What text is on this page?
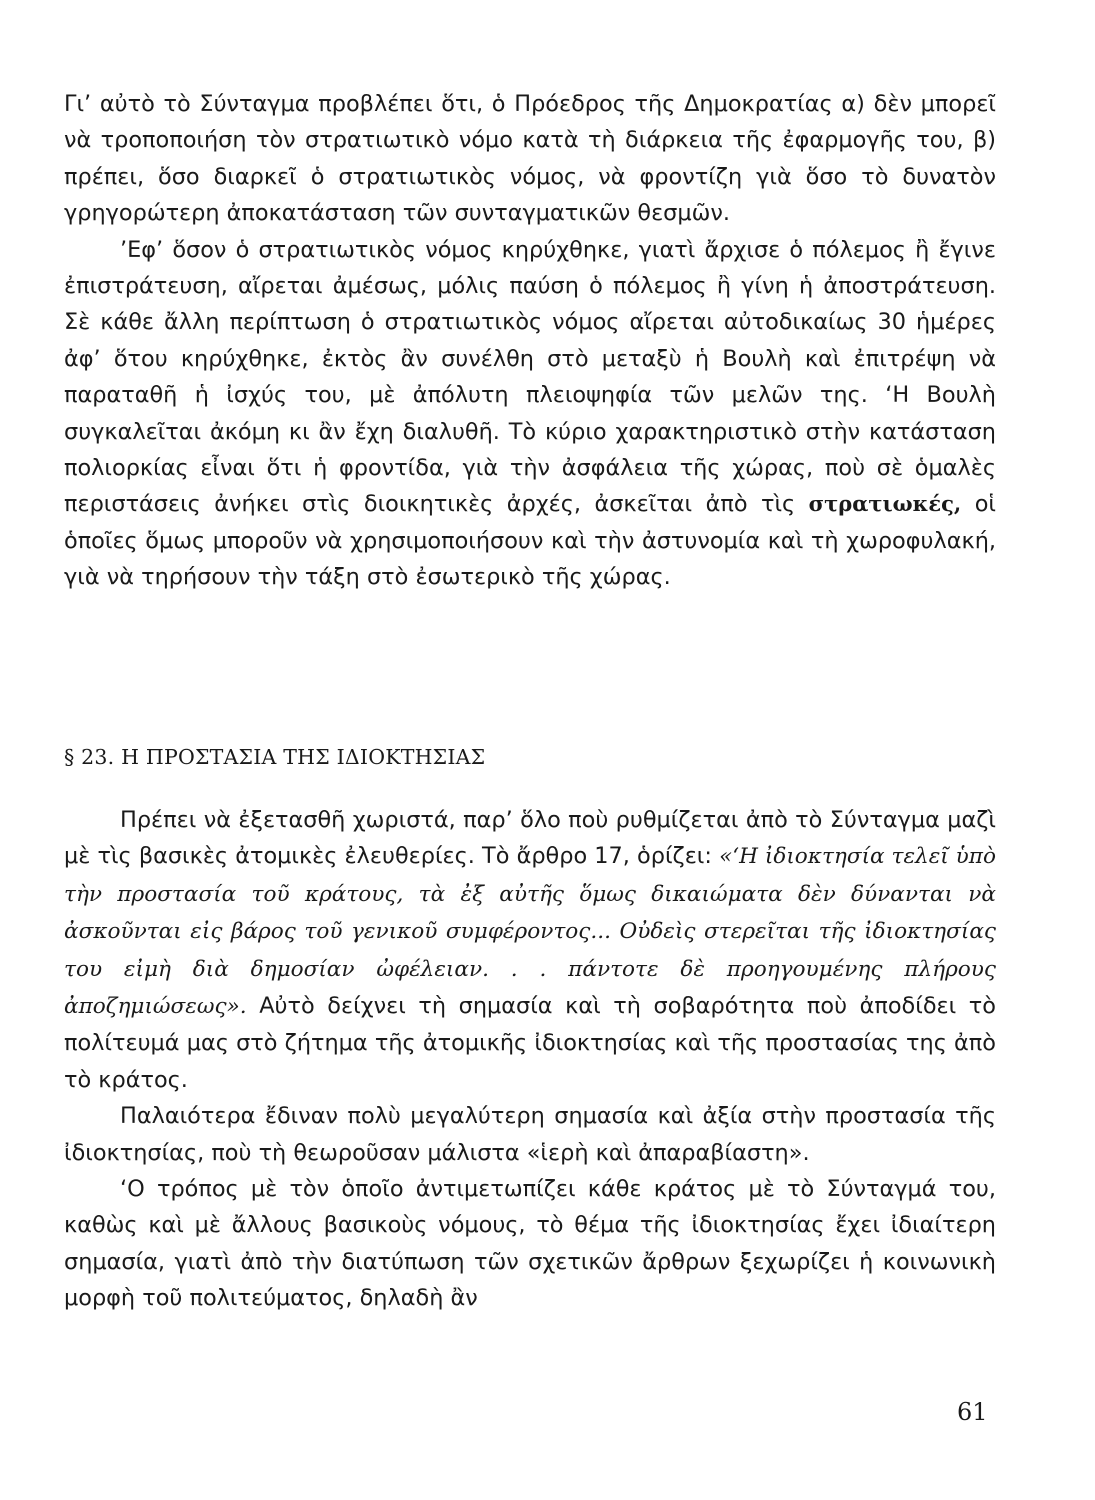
Γι’ αὐτὸ τὸ Σύνταγμα προβλέπει ὅτι, ὁ Πρόεδρος τῆς Δημοκρατίας α) δὲν μπορεῖ νὰ τροποποιήση τὸν στρατιωτικὸ νόμο κατὰ τὴ διάρκεια τῆς ἐφαρμογῆς του, β) πρέπει, ὅσο διαρκεῖ ὁ στρατιωτικὸς νόμος, νὰ φροντίζη γιὰ ὅσο τὸ δυνατὸν γρηγορώτερη ἀποκατάσταση τῶν συνταγματικῶν θεσμῶν.

’Εφ’ ὅσον ὁ στρατιωτικὸς νόμος κηρύχθηκε, γιατὶ ἄρχισε ὁ πόλεμος ἢ ἔγινε ἐπιστράτευση, αἴρεται ἀμέσως, μόλις παύση ὁ πόλεμος ἢ γίνη ἡ ἀποστράτευση. Σὲ κάθε ἄλλη περίπτωση ὁ στρατιωτικὸς νόμος αἴρεται αὐτοδικαίως 30 ἡμέρες ἀφ’ ὅτου κηρύχθηκε, ἐκτὸς ἂν συνέλθη στὸ μεταξὺ ἡ Βουλὴ καὶ ἐπιτρέψη νὰ παραταθῆ ἡ ἰσχύς του, μὲ ἀπόλυτη πλειοψηφία τῶν μελῶν της. ‘Η Βουλὴ συγκαλεῖται ἀκόμη κι ἂν ἔχη διαλυθῆ. Τὸ κύριο χαρακτηριστικὸ στὴν κατάσταση πολιορκίας εἶναι ὅτι ἡ φροντίδα, γιὰ τὴν ἀσφάλεια τῆς χώρας, ποὺ σὲ ὁμαλὲς περιστάσεις ἀνήκει στὶς διοικητικὲς ἀρχές, ἀσκεῖται ἀπὸ τὶς στρατιωκές, οἱ ὁποῖες ὅμως μποροῦν νὰ χρησιμοποιήσουν καὶ τὴν ἀστυνομία καὶ τὴ χωροφυλακή, γιὰ νὰ τηρήσουν τὴν τάξη στὸ ἐσωτερικὸ τῆς χώρας.

§ 23. Η ΠΡΟΣΤΑΣΙΑ ΤΗΣ ΙΔΙΟΚΤΗΣΙΑΣ

Πρέπει νὰ ἐξετασθῆ χωριστά, παρ’ ὅλο ποὺ ρυθμίζεται ἀπὸ τὸ Σύνταγμα μαζὶ μὲ τὶς βασικὲς ἀτομικὲς ἐλευθερίες. Τὸ ἄρθρο 17, ὁρίζει: «‘Η ἰδιοκτησία τελεῖ ὑπὸ τὴν προστασία τοῦ κράτους, τὰ ἐξ αὐτῆς ὅμως δικαιώματα δὲν δύνανται νὰ ἀσκοῦνται εἰς βάρος τοῦ γενικοῦ συμφέροντος... Οὐδεὶς στερεῖται τῆς ἰδιοκτησίας του εἰμὴ διὰ δημοσίαν ὠφέλειαν. . . πάντοτε δὲ προηγουμένης πλήρους ἀποζημιώσεως». Αὐτὸ δείχνει τὴ σημασία καὶ τὴ σοβαρότητα ποὺ ἀποδίδει τὸ πολίτευμά μας στὸ ζήτημα τῆς ἀτομικῆς ἰδιοκτησίας καὶ τῆς προστασίας της ἀπὸ τὸ κράτος.

Παλαιότερα ἔδιναν πολὺ μεγαλύτερη σημασία καὶ ἀξία στὴν προστασία τῆς ἰδιοκτησίας, ποὺ τὴ θεωροῦσαν μάλιστα «ἱερὴ καὶ ἀπαραβίαστη».

‘Ο τρόπος μὲ τὸν ὁποῖο ἀντιμετωπίζει κάθε κράτος μὲ τὸ Σύνταγμά του, καθὼς καὶ μὲ ἄλλους βασικοὺς νόμους, τὸ θέμα τῆς ἰδιοκτησίας ἔχει ἰδιαίτερη σημασία, γιατὶ ἀπὸ τὴν διατύπωση τῶν σχετικῶν ἄρθρων ξεχωρίζει ἡ κοινωνικὴ μορφὴ τοῦ πολιτεύματος, δηλαδὴ ἂν

61
